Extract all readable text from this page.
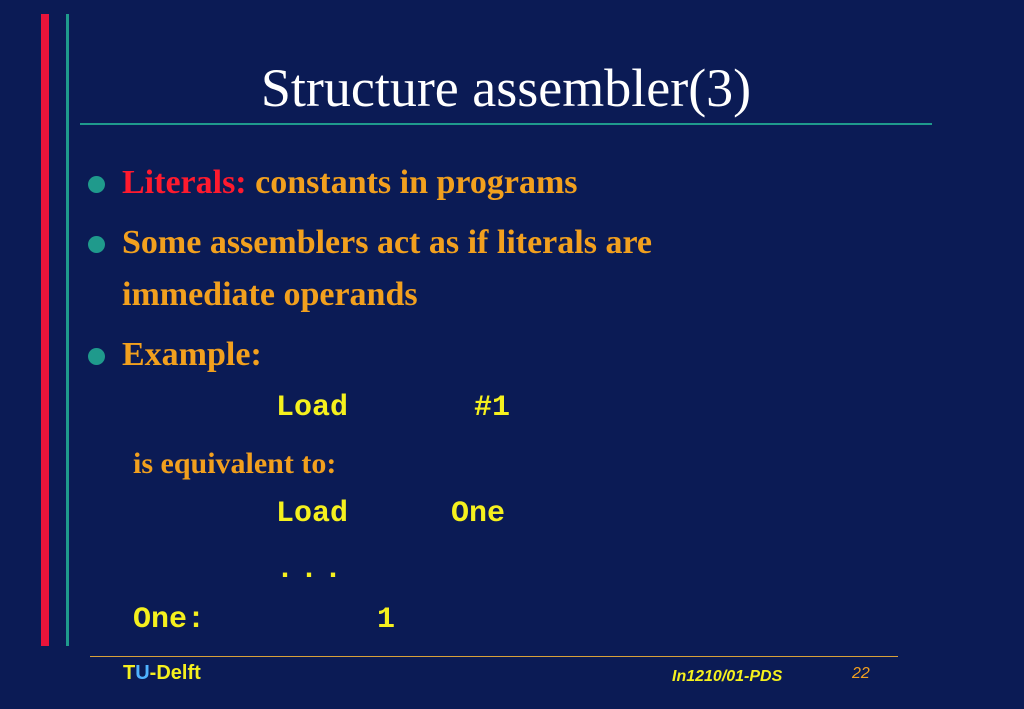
Structure assembler(3)
Literals: constants in programs
Some assemblers act as if literals are
immediate operands
Example:
Load	#1
is equivalent to:
Load	One
...
One:	1
TU-Delft	In1210/01-PDS	22
